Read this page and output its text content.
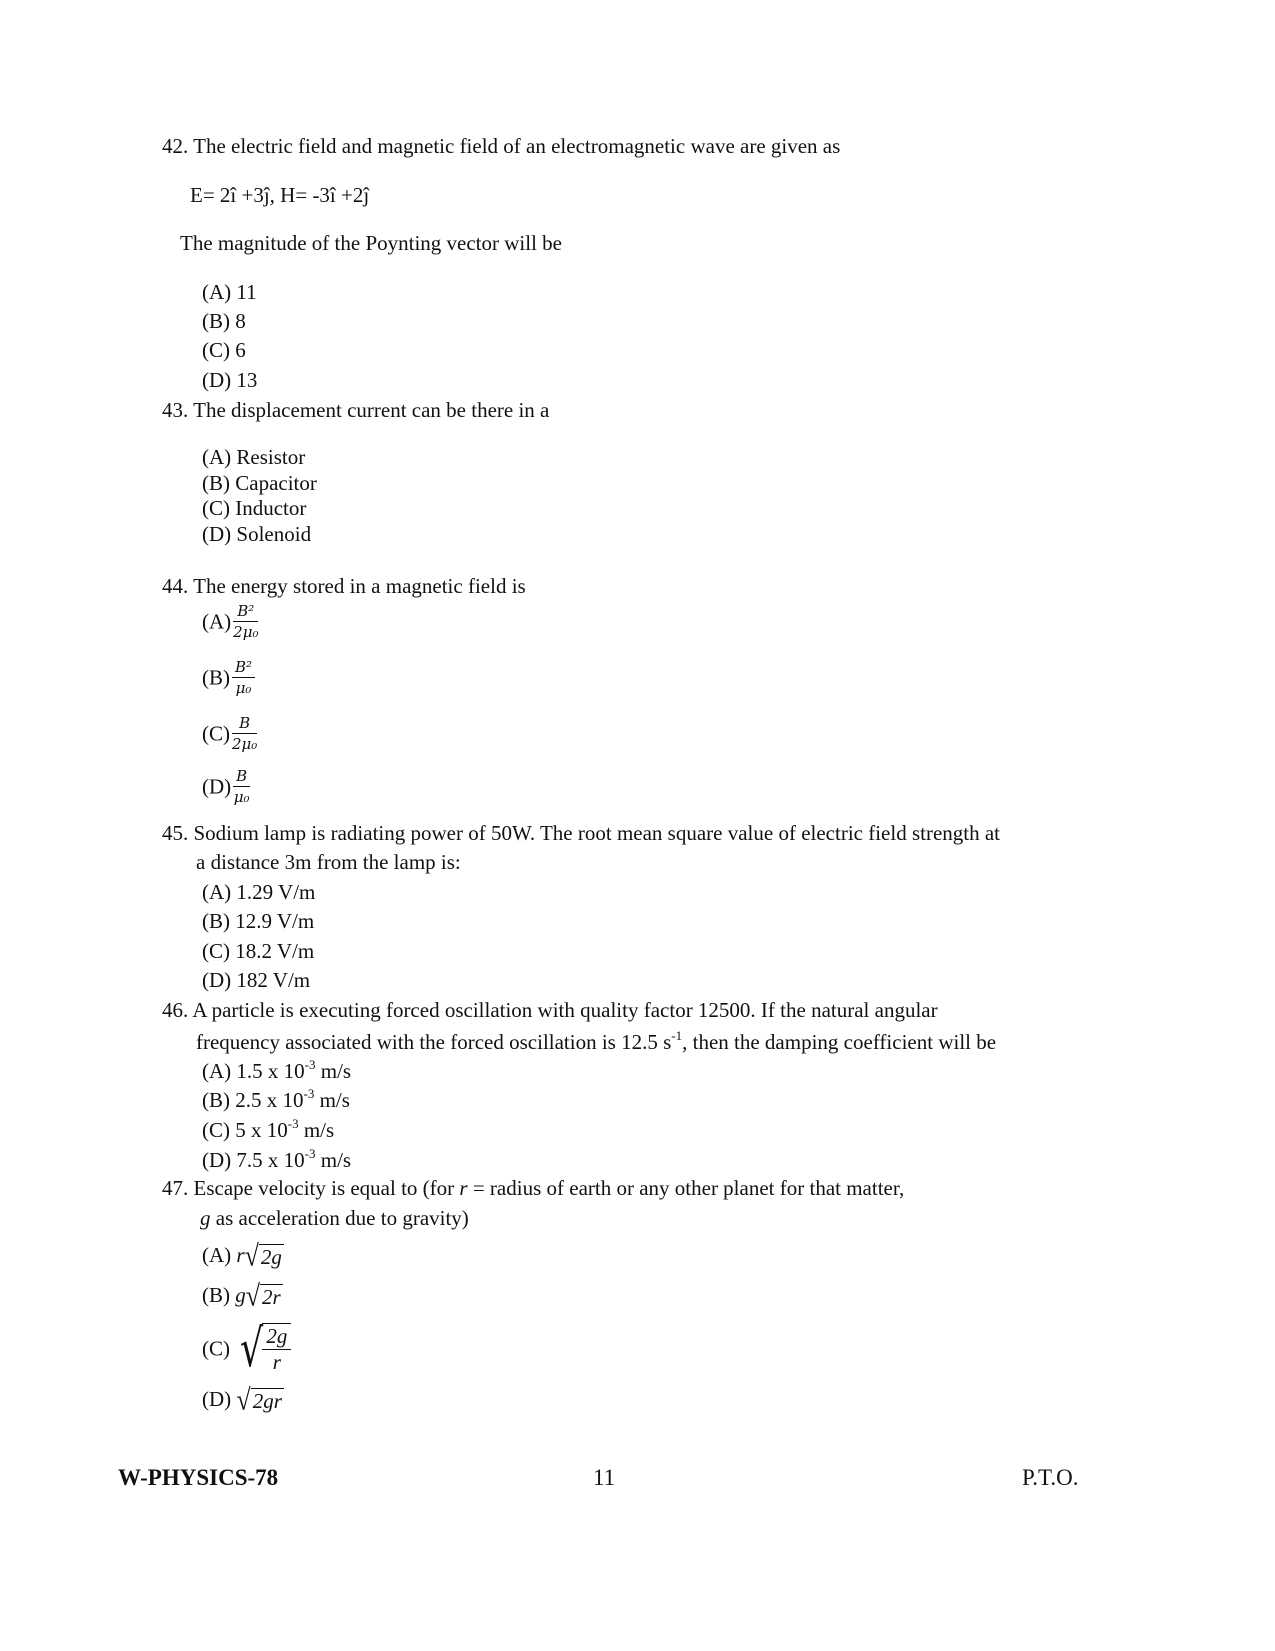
42. The electric field and magnetic field of an electromagnetic wave are given as
E= 2î +3ĵ, H= -3î +2ĵ
The magnitude of the Poynting vector will be
(A) 11
(B) 8
(C) 6
(D) 13
43. The displacement current can be there in a
(A) Resistor
(B) Capacitor
(C) Inductor
(D) Solenoid
44. The energy stored in a magnetic field is
$(A) \frac{\text{B²}}{\text{2μ₀}}$
$(B) \frac{\text{B²}}{\text{μ₀}}$
$(C) \frac{B}{\text{2μ₀}}$
$(D) \frac{B}{\text{μ₀}}$
45. Sodium lamp is radiating power of 50W. The root mean square value of electric field strength at
a distance 3m from the lamp is:
(A) 1.29 V/m
(B) 12.9 V/m
(C) 18.2 V/m
(D) 182 V/m
46. A particle is executing forced oscillation with quality factor 12500. If the natural angular
frequency associated with the forced oscillation is 12.5 $s^{-1}$, then the damping coefficient will be
(A) 1.5 x $10^{-3}$ m/s
(B) 2.5 x $10^{-3}$ m/s
(C) 5 x $10^{-3}$ m/s
(D) 7.5 x $10^{-3}$ m/s
47. Escape velocity is equal to (for r = radius of earth or any other planet for that matter,
g as acceleration due to gravity)
(A) r√2g
(B) g√2r
(C) √
$\frac{2g}{r}$
(D) √2gr
W-PHYSICS-78	11	P.T.O.
